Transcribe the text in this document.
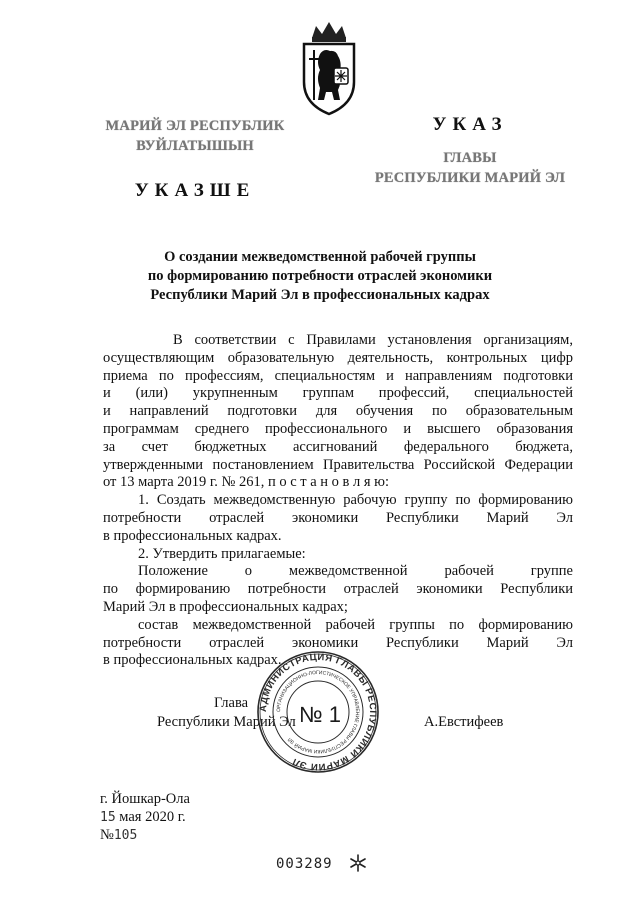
МАРИЙ ЭЛ РЕСПУБЛИК
ВУЙЛАТЫШЫН
УКАЗШЕ
УКАЗ
ГЛАВЫ
РЕСПУБЛИКИ МАРИЙ ЭЛ
О создании межведомственной рабочей группы
по формированию потребности отраслей экономики
Республики Марий Эл в профессиональных кадрах
В соответствии с Правилами установления организациям,
осуществляющим образовательную деятельность, контрольных цифр
приема по профессиям, специальностям и направлениям подготовки
и (или) укрупненным группам профессий, специальностей
и направлений подготовки для обучения по образовательным
программам среднего профессионального и высшего образования
за счет бюджетных ассигнований федерального бюджета,
утвержденными постановлением Правительства Российской Федерации
от 13 марта 2019 г. № 261, п о с т а н о в л я ю:
1. Создать межведомственную рабочую группу по формированию
потребности отраслей экономики Республики Марий Эл
в профессиональных кадрах.
2. Утвердить прилагаемые:
Положение о межведомственной рабочей группе
по формированию потребности отраслей экономики Республики
Марий Эл в профессиональных кадрах;
состав межведомственной рабочей группы по формированию
потребности отраслей экономики Республики Марий Эл
в профессиональных кадрах.
Глава
Республики Марий Эл	А.Евстифеев
АДМИНИСТРАЦИЯ ГЛАВЫ РЕСПУБЛИКИ МАРИЙ ЭЛ
ОРГАНИЗАЦИОННО-ЛОГИСТИЧЕСКОЕ УПРАВЛЕНИЕ ГЛАВЫ РЕСПУБЛИКИ МАРИЙ ЭЛ
№ 1
г. Йошкар-Ола
15 мая 2020 г.
№105
003289
